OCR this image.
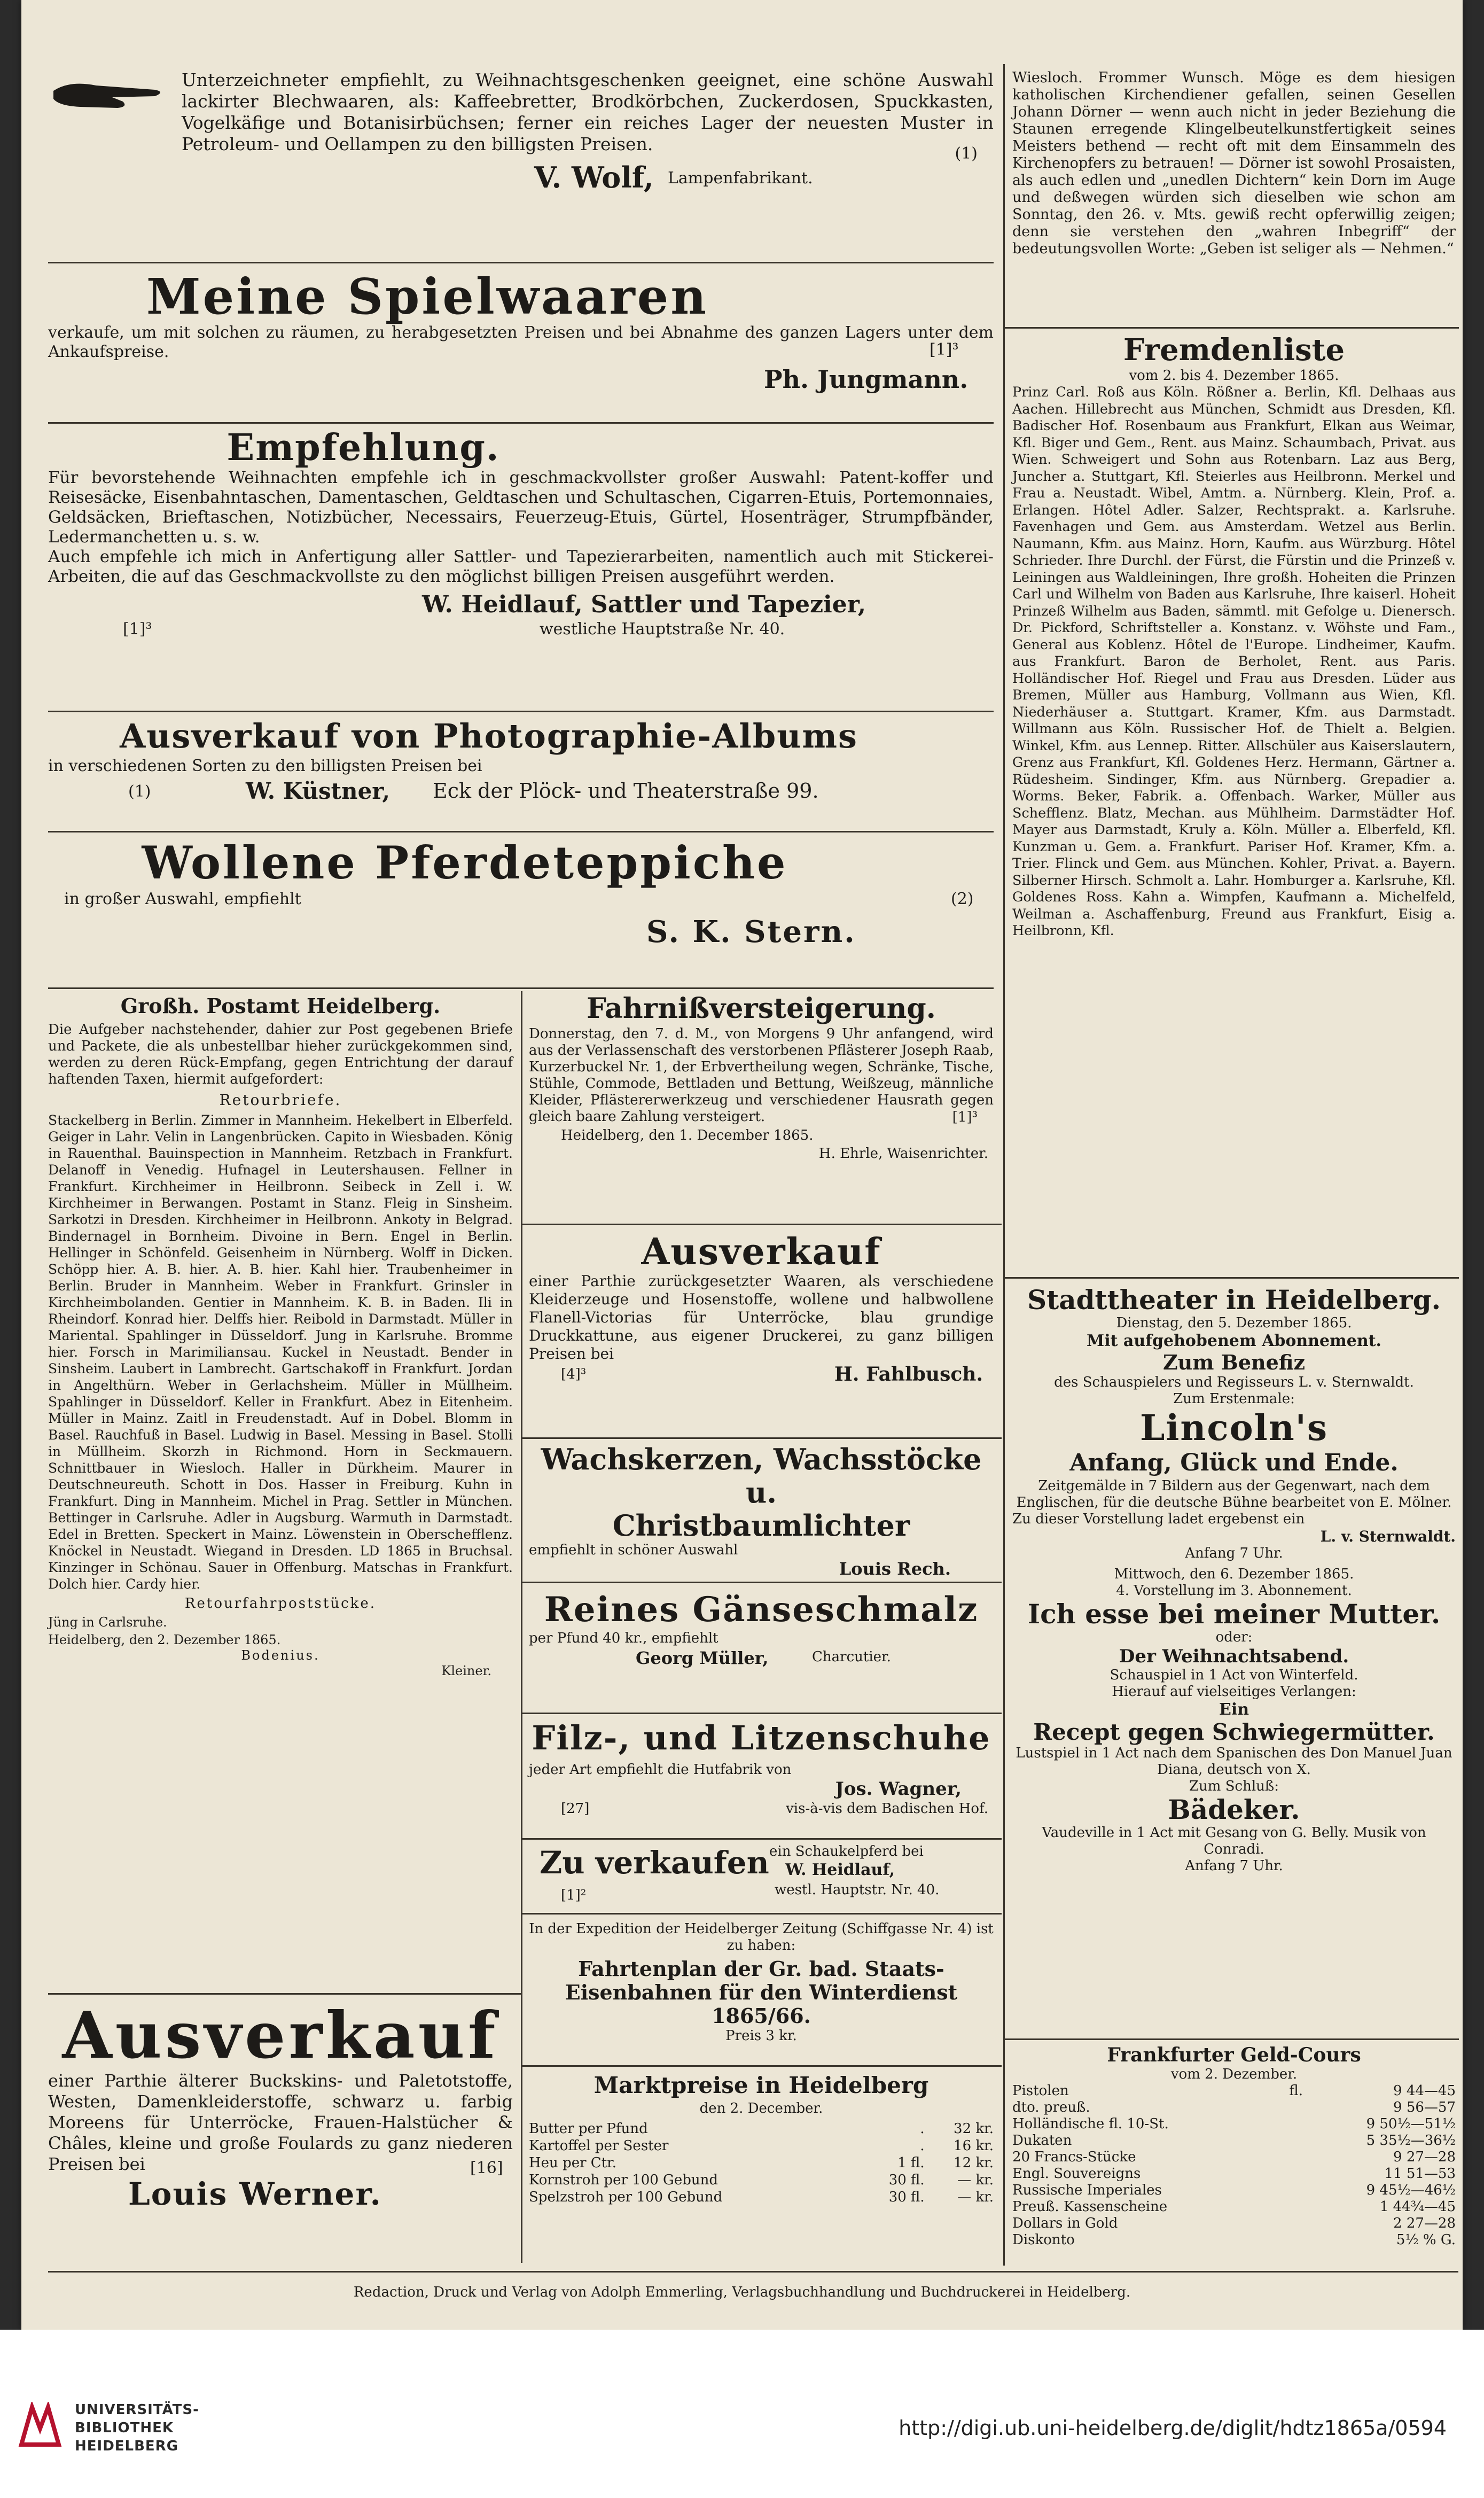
Unterzeichneter empfiehlt, zu Weihnachtsgeschenken geeignet, eine schöne Auswahl lackirter Blechwaaren, als: Kaffeebretter, Brodkörbchen, Zuckerdosen, Spuckkasten, Vogelkäfige und Botanisirbüchsen; ferner ein reiches Lager der neuesten Muster in Petroleum- und Oellampen zu den billigsten Preisen.
V. Wolf, Lampenfabrikant.
(1)
Meine Spielwaaren
verkaufe, um mit solchen zu räumen, zu herabgesetzten Preisen und bei Abnahme des ganzen Lagers unter dem Ankaufspreise.	[1]³
Ph. Jungmann.
Empfehlung.
Für bevorstehende Weihnachten empfehle ich in geschmackvollster großer Auswahl: Patent-koffer und Reisesäcke, Eisenbahntaschen, Damentaschen, Geldtaschen und Schultaschen, Cigarren-Etuis, Portemonnaies, Geldsäcken, Brieftaschen, Notizbücher, Necessairs, Feuerzeug-Etuis, Gürtel, Hosenträger, Strumpfbänder, Ledermanchetten u. s. w.
Auch empfehle ich mich in Anfertigung aller Sattler- und Tapezierarbeiten, namentlich auch mit Stickerei-Arbeiten, die auf das Geschmackvollste zu den möglichst billigen Preisen ausgeführt werden.
W. Heidlauf, Sattler und Tapezier,
westliche Hauptstraße Nr. 40.
[1]³
Ausverkauf von Photographie-Albums
in verschiedenen Sorten zu den billigsten Preisen bei
(1)	W. Küstner, Eck der Plöck- und Theaterstraße 99.
Wollene Pferdeteppiche
in großer Auswahl, empfiehlt	(2)
S. K. Stern.
Großh. Postamt Heidelberg.
Die Aufgeber nachstehender, dahier zur Post gegebenen Briefe und Packete, die als unbestellbar hieher zurückgekommen sind, werden zu deren Rück-Empfang, gegen Entrichtung der darauf haftenden Taxen, hiermit aufgefordert:
Retourbriefe.
Stackelberg in Berlin. Zimmer in Mannheim. Hekelbert in Elberfeld. Geiger in Lahr. Velin in Langenbrücken. Capito in Wiesbaden. König in Rauenthal. Bauinspection in Mannheim. Retzbach in Frankfurt. Delanoff in Venedig. Hufnagel in Leutershausen. Fellner in Frankfurt. Kirchheimer in Heilbronn. Seibeck in Zell i. W. Kirchheimer in Berwangen. Postamt in Stanz. Fleig in Sinsheim. Sarkotzi in Dresden. Kirchheimer in Heilbronn. Ankoty in Belgrad. Bindernagel in Bornheim. Divoine in Bern. Engel in Berlin. Hellinger in Schönfeld. Geisenheim in Nürnberg. Wolff in Dicken. Schöpp hier. A. B. hier. A. B. hier. Kahl hier. Traubenheimer in Berlin. Bruder in Mannheim. Weber in Frankfurt. Grinsler in Kirchheimbolanden. Gentier in Mannheim. K. B. in Baden. Ili in Rheindorf. Konrad hier. Delffs hier. Reibold in Darmstadt. Müller in Mariental. Spahlinger in Düsseldorf. Jung in Karlsruhe. Bromme hier. Forsch in Marimiliansau. Kuckel in Neustadt. Bender in Sinsheim. Laubert in Lambrecht. Gartschakoff in Frankfurt. Jordan in Angelthürn. Weber in Gerlachsheim. Müller in Müllheim. Spahlinger in Düsseldorf. Keller in Frankfurt. Abez in Eitenheim. Müller in Mainz. Zaitl in Freudenstadt. Auf in Dobel. Blomm in Basel. Rauchfuß in Basel. Ludwig in Basel. Messing in Basel. Stolli in Müllheim. Skorzh in Richmond. Horn in Seckmauern. Schnittbauer in Wiesloch. Haller in Dürkheim. Maurer in Deutschneureuth. Schott in Dos. Hasser in Freiburg. Kuhn in Frankfurt. Ding in Mannheim. Michel in Prag. Settler in München. Bettinger in Carlsruhe. Adler in Augsburg. Warmuth in Darmstadt. Edel in Bretten. Speckert in Mainz. Löwenstein in Oberschefflenz. Knöckel in Neustadt. Wiegand in Dresden. LD 1865 in Bruchsal. Kinzinger in Schönau. Sauer in Offenburg. Matschas in Frankfurt. Dolch hier. Cardy hier.
Retourfahrpoststücke.
Jüng in Carlsruhe.
Heidelberg, den 2. Dezember 1865.
Bodenius.
Kleiner.
Ausverkauf
einer Parthie älterer Buckskins- und Paletotstoffe, Westen, Damenkleiderstoffe, schwarz u. farbig Moreens für Unterröcke, Frauen-Halstücher & Châles, kleine und große Foulards zu ganz niederen Preisen bei
Louis Werner.
[16]
Fahrnißversteigerung.
Donnerstag, den 7. d. M., von Morgens 9 Uhr anfangend, wird aus der Verlassenschaft des verstorbenen Pflästerer Joseph Raab, Kurzerbuckel Nr. 1, der Erbvertheilung wegen, Schränke, Tische, Stühle, Commode, Bettladen und Bettung, Weißzeug, männliche Kleider, Pflästererwerkzeug und verschiedener Hausrath gegen gleich baare Zahlung versteigert.	[1]³
Heidelberg, den 1. December 1865.
H. Ehrle, Waisenrichter.
Ausverkauf
einer Parthie zurückgesetzter Waaren, als verschiedene Kleiderzeuge und Hosenstoffe, wollene und halbwollene Flanell-Victorias für Unterröcke, blau grundige Druckkattune, aus eigener Druckerei, zu ganz billigen Preisen bei
[4]³	H. Fahlbusch.
Wachskerzen, Wachsstöcke u.
Christbaumlichter
empfiehlt in schöner Auswahl
Louis Rech.
Reines Gänseschmalz
per Pfund 40 kr., empfiehlt
Georg Müller,	Charcutier.
Filz-, und Litzenschuhe
jeder Art empfiehlt die Hutfabrik von
Jos. Wagner,
[27]	vis-à-vis dem Badischen Hof.
Zu verkaufen ein Schaukelpferd bei
W. Heidlauf,
[1]²	westl. Hauptstr. Nr. 40.
In der Expedition der Heidelberger Zeitung (Schiffgasse Nr. 4) ist zu haben:
Fahrtenplan der Gr. bad. Staats-Eisenbahnen für den Winterdienst 1865/66.
Preis 3 kr.
Marktpreise in Heidelberg
den 2. December.
Butter per Pfund	.	32 kr.
Kartoffel per Sester	.	16 kr.
Heu per Ctr.	1 fl.	12 kr.
Kornstroh per 100 Gebund	30 fl.	— kr.
Spelzstroh per 100 Gebund	30 fl.	— kr.
Wiesloch. Frommer Wunsch. Möge es dem hiesigen katholischen Kirchendiener gefallen, seinen Gesellen Johann Dörner — wenn auch nicht in jeder Beziehung die Staunen erregende Klingelbeutelkunstfertigkeit seines Meisters bethend — recht oft mit dem Einsammeln des Kirchenopfers zu betrauen! — Dörner ist sowohl Prosaisten, als auch edlen und „unedlen Dichtern“ kein Dorn im Auge und deßwegen würden sich dieselben wie schon am Sonntag, den 26. v. Mts. gewiß recht opferwillig zeigen; denn sie verstehen den „wahren Inbegriff“ der bedeutungsvollen Worte: „Geben ist seliger als — Nehmen.“
Fremdenliste
vom 2. bis 4. Dezember 1865.
Prinz Carl. Roß aus Köln. Rößner a. Berlin, Kfl. Delhaas aus Aachen. Hillebrecht aus München, Schmidt aus Dresden, Kfl. Badischer Hof. Rosenbaum aus Frankfurt, Elkan aus Weimar, Kfl. Biger und Gem., Rent. aus Mainz. Schaumbach, Privat. aus Wien. Schweigert und Sohn aus Rotenbarn. Laz aus Berg, Juncher a. Stuttgart, Kfl. Steierles aus Heilbronn. Merkel und Frau a. Neustadt. Wibel, Amtm. a. Nürnberg. Klein, Prof. a. Erlangen. Hôtel Adler. Salzer, Rechtsprakt. a. Karlsruhe. Favenhagen und Gem. aus Amsterdam. Wetzel aus Berlin. Naumann, Kfm. aus Mainz. Horn, Kaufm. aus Würzburg. Hôtel Schrieder. Ihre Durchl. der Fürst, die Fürstin und die Prinzeß v. Leiningen aus Waldleiningen, Ihre großh. Hoheiten die Prinzen Carl und Wilhelm von Baden aus Karlsruhe, Ihre kaiserl. Hoheit Prinzeß Wilhelm aus Baden, sämmtl. mit Gefolge u. Dienersch. Dr. Pickford, Schriftsteller a. Konstanz. v. Wöhste und Fam., General aus Koblenz. Hôtel de l'Europe. Lindheimer, Kaufm. aus Frankfurt. Baron de Berholet, Rent. aus Paris. Holländischer Hof. Riegel und Frau aus Dresden. Lüder aus Bremen, Müller aus Hamburg, Vollmann aus Wien, Kfl. Niederhäuser a. Stuttgart. Kramer, Kfm. aus Darmstadt. Willmann aus Köln. Russischer Hof. de Thielt a. Belgien. Winkel, Kfm. aus Lennep. Ritter. Allschüler aus Kaiserslautern, Grenz aus Frankfurt, Kfl. Goldenes Herz. Hermann, Gärtner a. Rüdesheim. Sindinger, Kfm. aus Nürnberg. Grepadier a. Worms. Beker, Fabrik. a. Offenbach. Warker, Müller aus Schefflenz. Blatz, Mechan. aus Mühlheim. Darmstädter Hof. Mayer aus Darmstadt, Kruly a. Köln. Müller a. Elberfeld, Kfl. Kunzman u. Gem. a. Frankfurt. Pariser Hof. Kramer, Kfm. a. Trier. Flinck und Gem. aus München. Kohler, Privat. a. Bayern. Silberner Hirsch. Schmolt a. Lahr. Homburger a. Karlsruhe, Kfl. Goldenes Ross. Kahn a. Wimpfen, Kaufmann a. Michelfeld, Weilman a. Aschaffenburg, Freund aus Frankfurt, Eisig a. Heilbronn, Kfl.
Stadttheater in Heidelberg.
Dienstag, den 5. Dezember 1865.
Mit aufgehobenem Abonnement.
Zum Benefiz
des Schauspielers und Regisseurs L. v. Sternwaldt.
Zum Erstenmale:
Lincoln's
Anfang, Glück und Ende.
Zeitgemälde in 7 Bildern aus der Gegenwart, nach dem Englischen, für die deutsche Bühne bearbeitet von E. Mölner.
Zu dieser Vorstellung ladet ergebenst ein
L. v. Sternwaldt.
Anfang 7 Uhr.
Mittwoch, den 6. Dezember 1865.
4. Vorstellung im 3. Abonnement.
Ich esse bei meiner Mutter.
oder:
Der Weihnachtsabend.
Schauspiel in 1 Act von Winterfeld.
Hierauf auf vielseitiges Verlangen:
Ein
Recept gegen Schwiegermütter.
Lustspiel in 1 Act nach dem Spanischen des Don Manuel Juan Diana, deutsch von X.
Zum Schluß:
Bädeker.
Vaudeville in 1 Act mit Gesang von G. Belly. Musik von Conradi.
Anfang 7 Uhr.
Frankfurter Geld-Cours
vom 2. Dezember.
Pistolen	fl.	9 44—45
dto. preuß.		9 56—57
Holländische fl. 10-St.		9 50½—51½
Dukaten		5 35½—36½
20 Francs-Stücke		9 27—28
Engl. Souvereigns		11 51—53
Russische Imperiales		9 45½—46½
Preuß. Kassenscheine		1 44¾—45
Dollars in Gold		2 27—28
Diskonto		5½ % G.
Redaction, Druck und Verlag von Adolph Emmerling, Verlagsbuchhandlung und Buchdruckerei in Heidelberg.
UNIVERSITÄTS-
BIBLIOTHEK
HEIDELBERG
http://digi.ub.uni-heidelberg.de/diglit/hdtz1865a/0594
